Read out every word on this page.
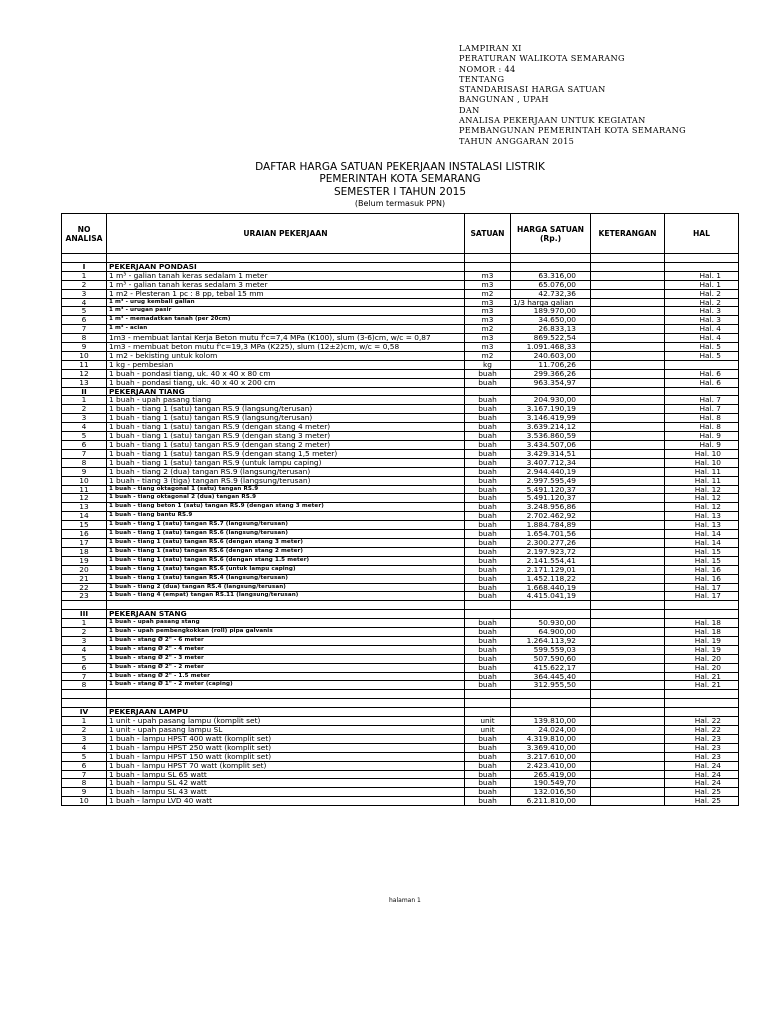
LAMPIRAN XI
PERATURAN WALIKOTA SEMARANG
NOMOR : 44
TENTANG
STANDARISASI HARGA SATUAN
BANGUNAN , UPAH
DAN
ANALISA PEKERJAAN UNTUK KEGIATAN
PEMBANGUNAN PEMERINTAH KOTA SEMARANG
TAHUN ANGGARAN 2015
DAFTAR HARGA SATUAN PEKERJAAN INSTALASI LISTRIK
PEMERINTAH KOTA SEMARANG
SEMESTER I TAHUN 2015
(Belum termasuk PPN)
NO ANALISA	URAIAN PEKERJAAN	SATUAN	HARGA SATUAN (Rp.)	KETERANGAN	HAL

I	PEKERJAAN PONDASI				
1	1 m³ - galian tanah keras sedalam 1 meter	m3	63.316,00		Hal. 1
2	1 m³ - galian tanah keras sedalam 3 meter	m3	65.076,00		Hal. 1
3	1 m2 - Plesteran 1 pc : 8 pp, tebal 15 mm	m2	42.732,36		Hal. 2
4	1 m³ - urug kembali galian	m3	1/3 harga galian		Hal. 2
5	1 m³ - urugan pasir	m3	189.970,00		Hal. 3
6	1 m³ - memadatkan tanah (per 20cm)	m3	34.650,00		Hal. 3
7	1 m² - acian	m2	26.833,13		Hal. 4
8	1m3 - membuat lantai Kerja Beton mutu f'c=7,4 MPa (K100), slum (3-6)cm, w/c = 0,87	m3	869.522,54		Hal. 4
9	1m3 - membuat beton mutu f'c=19,3 MPa (K225), slum (12±2)cm, w/c = 0,58	m3	1.091.468,33		Hal. 5
10	1 m2 - bekisting untuk kolom	m2	240.603,00		Hal. 5
11	1 kg - pembesian	kg	11.706,26		
12	1 buah - pondasi tiang, uk. 40 x 40 x 80 cm	buah	299.366,26		Hal. 6
13	1 buah - pondasi tiang, uk. 40 x 40 x 200 cm	buah	963.354,97		Hal. 6
II	PEKERJAAN TIANG				
1	1 buah - upah pasang tiang	buah	204.930,00		Hal. 7
2	1 buah - tiang 1 (satu) tangan RS.9 (langsung/terusan)	buah	3.167.190,19		Hal. 7
3	1 buah - tiang 1 (satu) tangan RS.9 (langsung/terusan)	buah	3.146.419,99		Hal. 8
4	1 buah - tiang 1 (satu) tangan RS.9 (dengan stang 4 meter)	buah	3.639.214,12		Hal. 8
5	1 buah - tiang 1 (satu) tangan RS.9 (dengan stang 3 meter)	buah	3.536.860,59		Hal. 9
6	1 buah - tiang 1 (satu) tangan RS.9 (dengan stang 2 meter)	buah	3.434.507,06		Hal. 9
7	1 buah - tiang 1 (satu) tangan RS.9 (dengan stang 1,5 meter)	buah	3.429.314,51		Hal. 10
8	1 buah - tiang 1 (satu) tangan RS.9 (untuk lampu caping)	buah	3.407.712,34		Hal. 10
9	1 buah - tiang 2 (dua) tangan RS.9 (langsung/terusan)	buah	2.944.440,19		Hal. 11
10	1 buah - tiang 3 (tiga) tangan RS.9 (langsung/terusan)	buah	2.997.595,49		Hal. 11
11	1 buah - tiang oktagonal 1 (satu) tangan RS.9	buah	5.491.120,37		Hal. 12
12	1 buah - tiang oktagonal 2 (dua) tangan RS.9	buah	5.491.120,37		Hal. 12
13	1 buah - tiang beton 1 (satu) tangan RS.9 (dengan stang 3 meter)	buah	3.248.956,86		Hal. 12
14	1 buah - tiang bantu RS.9	buah	2.702.462,92		Hal. 13
15	1 buah - tiang 1 (satu) tangan RS.7 (langsung/terusan)	buah	1.884.784,89		Hal. 13
16	1 buah - tiang 1 (satu) tangan RS.6 (langsung/terusan)	buah	1.654.701,56		Hal. 14
17	1 buah - tiang 1 (satu) tangan RS.6 (dengan stang 3 meter)	buah	2.300.277,26		Hal. 14
18	1 buah - tiang 1 (satu) tangan RS.6 (dengan stang 2 meter)	buah	2.197.923,72		Hal. 15
19	1 buah - tiang 1 (satu) tangan RS.6 (dengan stang 1.5 meter)	buah	2.141.554,41		Hal. 15
20	1 buah - tiang 1 (satu) tangan RS.6 (untuk lampu caping)	buah	2.171.129,01		Hal. 16
21	1 buah - tiang 1 (satu) tangan RS.4 (langsung/terusan)	buah	1.452.118,22		Hal. 16
22	1 buah - tiang 2 (dua) tangan RS.4 (langsung/terusan)	buah	1.668.440,19		Hal. 17
23	1 buah - tiang 4 (empat) tangan RS.11 (langsung/terusan)	buah	4.415.041,19		Hal. 17

III	PEKERJAAN STANG				
1	1 buah - upah pasang stang	buah	50.930,00		Hal. 18
2	1 buah - upah pembengkokkan (roll) pipa galvanis	buah	64.900,00		Hal. 18
3	1 buah - stang Ø 2" - 6 meter	buah	1.264.113,92		Hal. 19
4	1 buah - stang Ø 2" - 4 meter	buah	599.559,03		Hal. 19
5	1 buah - stang Ø 2" - 3 meter	buah	507.590,60		Hal. 20
6	1 buah - stang Ø 2" - 2 meter	buah	415.622,17		Hal. 20
7	1 buah - stang Ø 2" - 1.5 meter	buah	364.445,40		Hal. 21
8	1 buah - stang Ø 1" - 2 meter (caping)	buah	312.955,50		Hal. 21

IV	PEKERJAAN LAMPU				
1	1 unit - upah pasang lampu (komplit set)	unit	139.810,00		Hal. 22
2	1 unit - upah pasang lampu SL	unit	24.024,00		Hal. 22
3	1 buah - lampu HPST 400 watt (komplit set)	buah	4.319.810,00		Hal. 23
4	1 buah - lampu HPST 250 watt (komplit set)	buah	3.369.410,00		Hal. 23
5	1 buah - lampu HPST 150 watt (komplit set)	buah	3.217.610,00		Hal. 23
6	1 buah - lampu HPST 70 watt (komplit set)	buah	2.423.410,00		Hal. 24
7	1 buah - lampu SL 65 watt	buah	265.419,00		Hal. 24
8	1 buah - lampu SL 42 watt	buah	190.549,70		Hal. 24
9	1 buah - lampu SL 43 watt	buah	132.016,50		Hal. 25
10	1 buah - lampu LVD 40 watt	buah	6.211.810,00		Hal. 25
halaman 1
